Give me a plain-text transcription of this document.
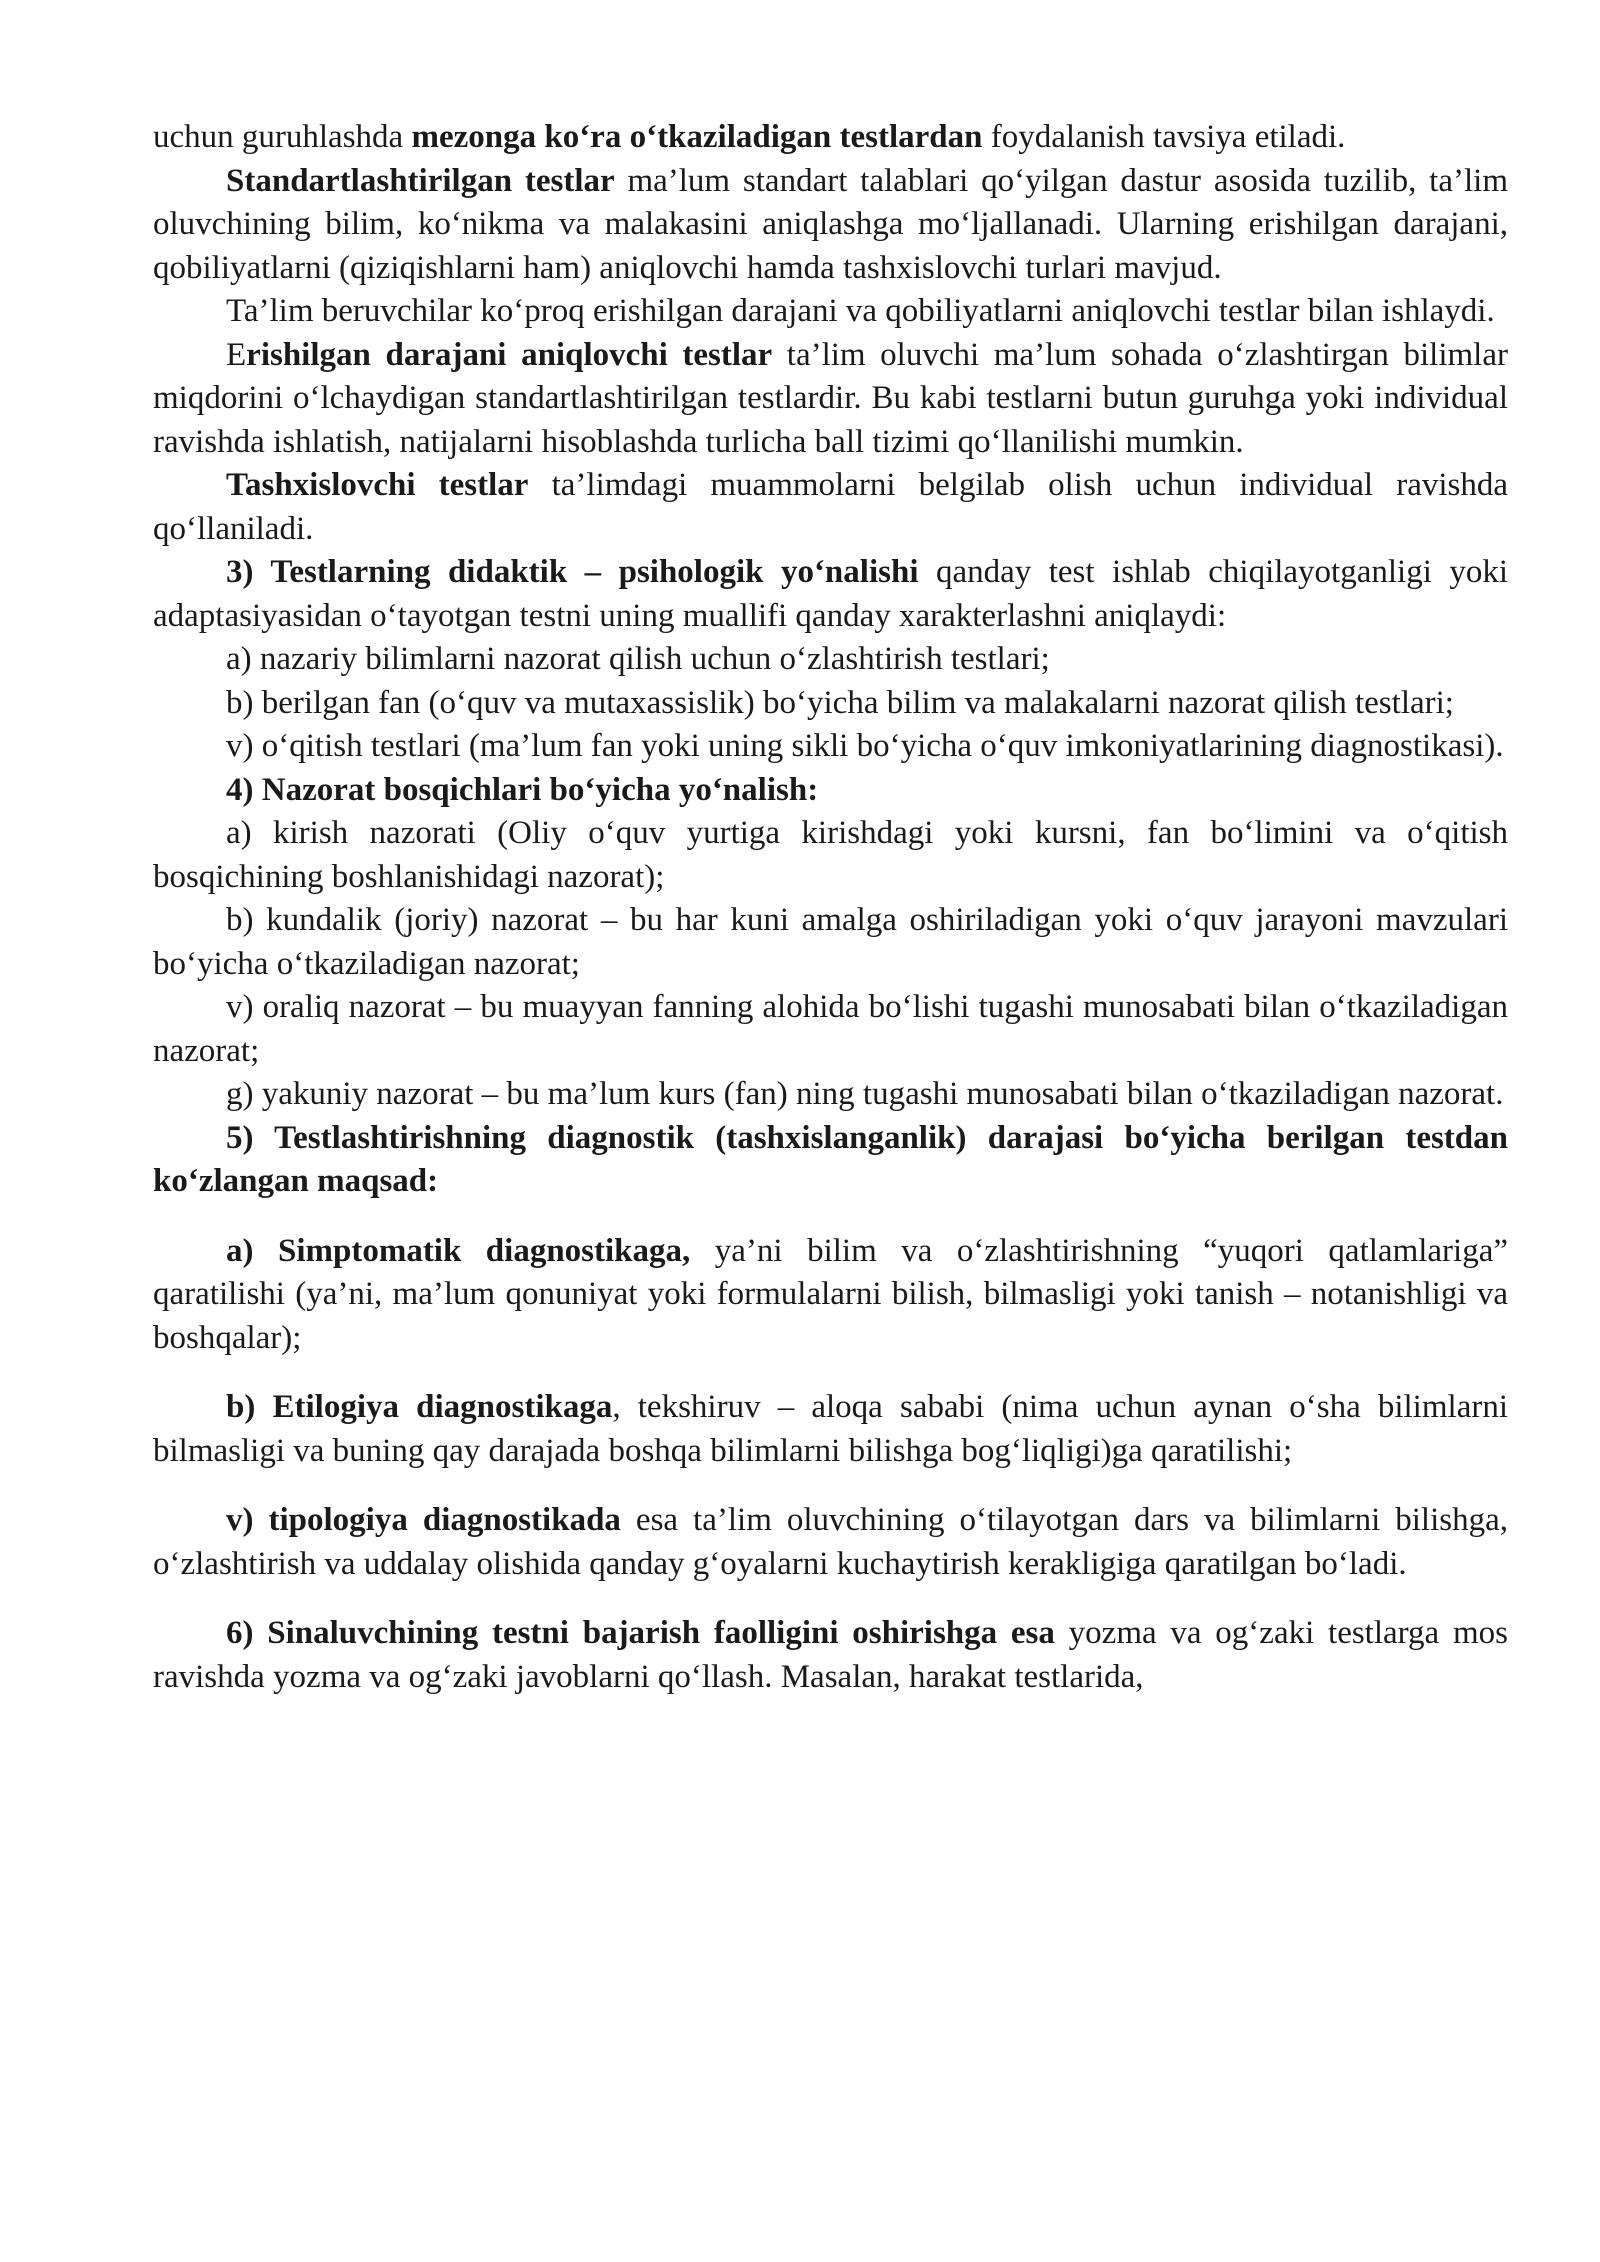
uchun guruhlashda mezonga ko‘ra o‘tkaziladigan testlardan foydalanish tavsiya etiladi.

Standartlashtirilgan testlar ma’lum standart talablari qo‘yilgan dastur asosida tuzilib, ta’lim oluvchining bilim, ko‘nikma va malakasini aniqlashga mo‘ljallanadi. Ularning erishilgan darajani, qobiliyatlarni (qiziqishlarni ham) aniqlovchi hamda tashxislovchi turlari mavjud.

Ta’lim beruvchilar ko‘proq erishilgan darajani va qobiliyatlarni aniqlovchi testlar bilan ishlaydi.

Erishilgan darajani aniqlovchi testlar ta’lim oluvchi ma’lum sohada o‘zlashtirgan bilimlar miqdorini o‘lchaydigan standartlashtirilgan testlardir. Bu kabi testlarni butun guruhga yoki individual ravishda ishlatish, natijalarni hisoblashda turlicha ball tizimi qo‘llanilishi mumkin.

Tashxislovchi testlar ta’limdagi muammolarni belgilab olish uchun individual ravishda qo‘llaniladi.

3) Testlarning didaktik – psihologik yo‘nalishi qanday test ishlab chiqilayotganligi yoki adaptasiyasidan o‘tayotgan testni uning muallifi qanday xarakterlashni aniqlaydi:

a) nazariy bilimlarni nazorat qilish uchun o‘zlashtirish testlari;

b) berilgan fan (o‘quv va mutaxassislik) bo‘yicha bilim va malakalarni nazorat qilish testlari;

v) o‘qitish testlari (ma’lum fan yoki uning sikli bo‘yicha o‘quv imkoniyatlarining diagnostikasi).

4) Nazorat bosqichlari bo‘yicha yo‘nalish:

a) kirish nazorati (Oliy o‘quv yurtiga kirishdagi yoki kursni, fan bo‘limini va o‘qitish bosqichining boshlanishidagi nazorat);

b) kundalik (joriy) nazorat – bu har kuni amalga oshiriladigan yoki o‘quv jarayoni mavzulari bo‘yicha o‘tkaziladigan nazorat;

v) oraliq nazorat – bu muayyan fanning alohida bo‘lishi tugashi munosabati bilan o‘tkaziladigan nazorat;

g) yakuniy nazorat – bu ma’lum kurs (fan) ning tugashi munosabati bilan o‘tkaziladigan nazorat.

5) Testlashtirishning diagnostik (tashxislanganlik) darajasi bo‘yicha berilgan testdan ko‘zlangan maqsad:

a) Simptomatik diagnostikaga, ya’ni bilim va o‘zlashtirishning “yuqori qatlamlariga” qaratilishi (ya’ni, ma’lum qonuniyat yoki formulalarni bilish, bilmasligi yoki tanish – notanishligi va boshqalar);

b) Etilogiya diagnostikaga, tekshiruv – aloqa sababi (nima uchun aynan o‘sha bilimlarni bilmasligi va buning qay darajada boshqa bilimlarni bilishga bog‘liqligi)ga qaratilishi;

v) tipologiya diagnostikada esa ta’lim oluvchining o‘tilayotgan dars va bilimlarni bilishga, o‘zlashtirish va uddalay olishida qanday g‘oyalarni kuchaytirish kerakligiga qaratilgan bo‘ladi.

6) Sinaluvchining testni bajarish faolligini oshirishga esa yozma va og‘zaki testlarga mos ravishda yozma va og‘zaki javoblarni qo‘llash. Masalan, harakat testlarida,
